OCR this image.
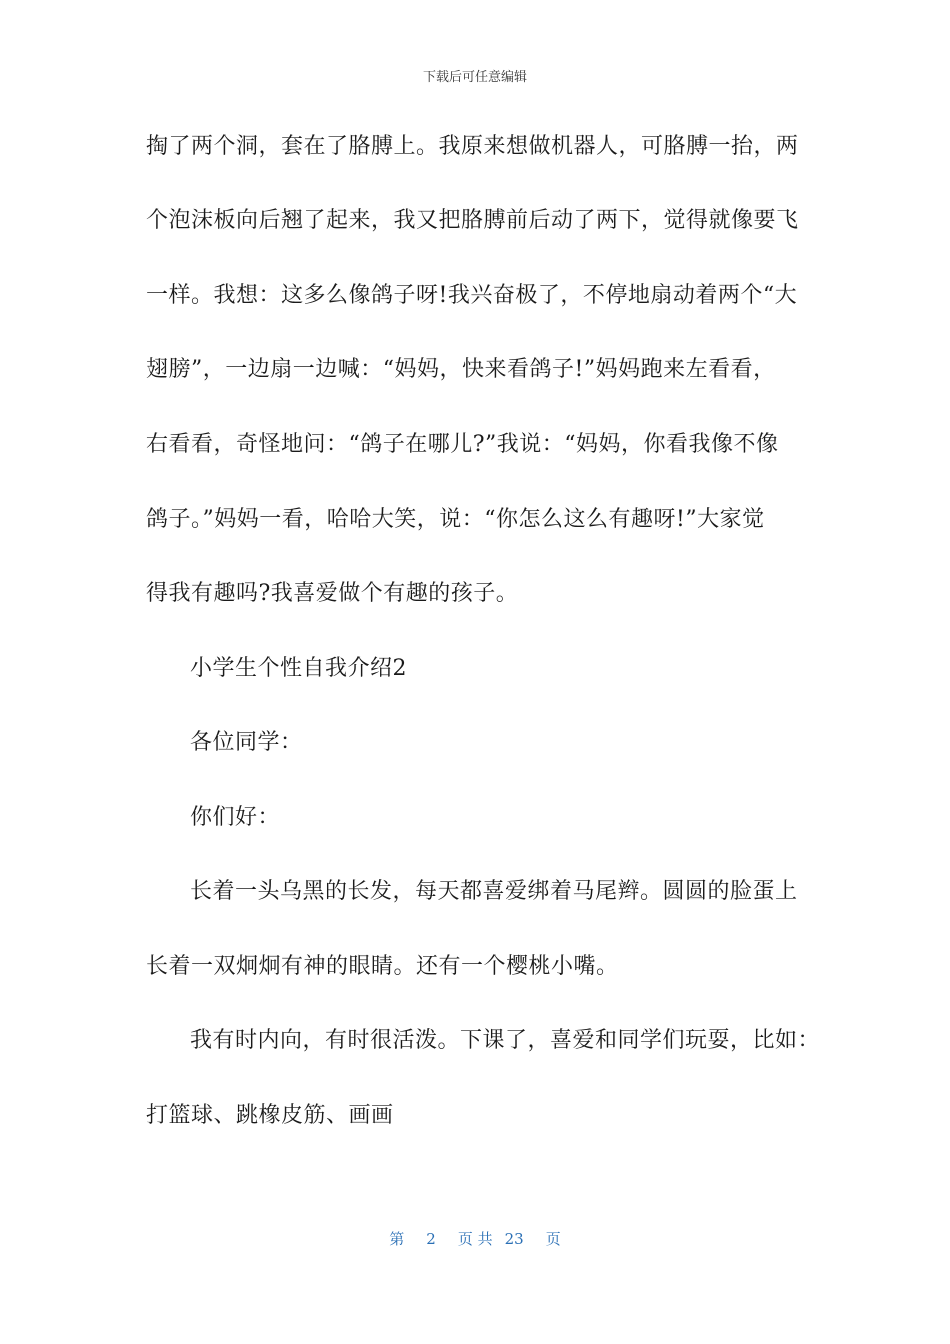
下载后可任意编辑
掏了两个洞，套在了胳膊上。我原来想做机器人，可胳膊一抬，两
个泡沫板向后翘了起来，我又把胳膊前后动了两下，觉得就像要飞
一样。我想：这多么像鸽子呀!我兴奋极了，不停地扇动着两个“大
翅膀”，一边扇一边喊：“妈妈，快来看鸽子!”妈妈跑来左看看，
右看看，奇怪地问：“鸽子在哪儿?”我说：“妈妈，你看我像不像
鸽子。”妈妈一看，哈哈大笑，说：“你怎么这么有趣呀!”大家觉
得我有趣吗?我喜爱做个有趣的孩子。
小学生个性自我介绍2
各位同学：
你们好：
长着一头乌黑的长发，每天都喜爱绑着马尾辫。圆圆的脸蛋上
长着一双炯炯有神的眼睛。还有一个樱桃小嘴。
我有时内向，有时很活泼。下课了，喜爱和同学们玩耍，比如：
打篮球、跳橡皮筋、画画
第 2 页 共 23 页
